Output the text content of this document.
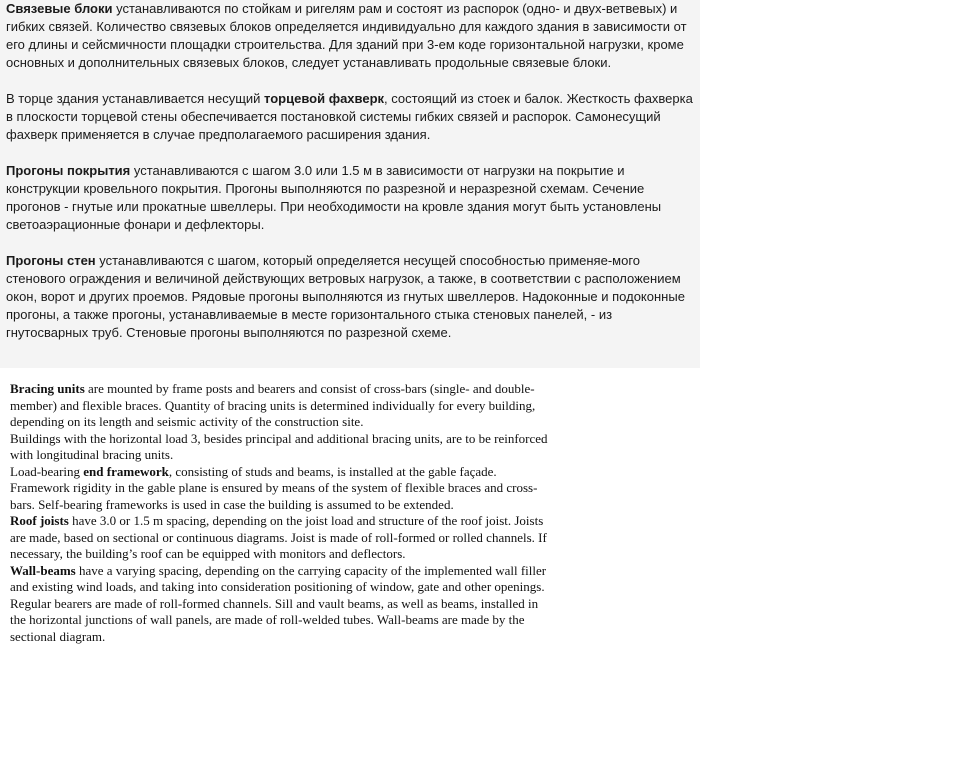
Связевые блоки устанавливаются по стойкам и ригелям рам и состоят из распорок (одно- и двух-ветвевых) и гибких связей. Количество связевых блоков определяется индивидуально для каждого здания в зависимости от его длины и сейсмичности площадки строительства. Для зданий при 3-ем коде горизонтальной нагрузки, кроме основных и дополнительных связевых блоков, следует устанавливать продольные связевые блоки.

В торце здания устанавливается несущий торцевой фахверк, состоящий из стоек и балок. Жесткость фахверка в плоскости торцевой стены обеспечивается постановкой системы гибких связей и распорок. Самонесущий фахверк применяется в случае предполагаемого расширения здания.

Прогоны покрытия устанавливаются с шагом 3.0 или 1.5 м в зависимости от нагрузки на покрытие и конструкции кровельного покрытия. Прогоны выполняются по разрезной и неразрезной схемам. Сечение прогонов - гнутые или прокатные швеллеры. При необходимости на кровле здания могут быть установлены светоаэрационные фонари и дефлекторы.

Прогоны стен устанавливаются с шагом, который определяется несущей способностью применяе-мого стенового ограждения и величиной действующих ветровых нагрузок, а также, в соответствии с расположением окон, ворот и других проемов. Рядовые прогоны выполняются из гнутых швеллеров. Надоконные и подоконные прогоны, а также прогоны, устанавливаемые в месте горизонтального стыка стеновых панелей, - из гнутосварных труб. Стеновые прогоны выполняются по разрезной схеме.

Bracing units are mounted by frame posts and bearers and consist of cross-bars (single- and double-member) and flexible braces. Quantity of bracing units is determined individually for every building, depending on its length and seismic activity of the construction site.

Buildings with the horizontal load 3, besides principal and additional bracing units, are to be reinforced with longitudinal bracing units.

Load-bearing end framework, consisting of studs and beams, is installed at the gable façade. Framework rigidity in the gable plane is ensured by means of the system of flexible braces and cross-bars. Self-bearing frameworks is used in case the building is assumed to be extended.

Roof joists have 3.0 or 1.5 m spacing, depending on the joist load and structure of the roof joist. Joists are made, based on sectional or continuous diagrams. Joist is made of roll-formed or rolled channels. If necessary, the building’s roof can be equipped with monitors and deflectors.

Wall-beams have a varying spacing, depending on the carrying capacity of the implemented wall filler and existing wind loads, and taking into consideration positioning of window, gate and other openings. Regular bearers are made of roll-formed channels. Sill and vault beams, as well as beams, installed in the horizontal junctions of wall panels, are made of roll-welded tubes. Wall-beams are made by the sectional diagram.
